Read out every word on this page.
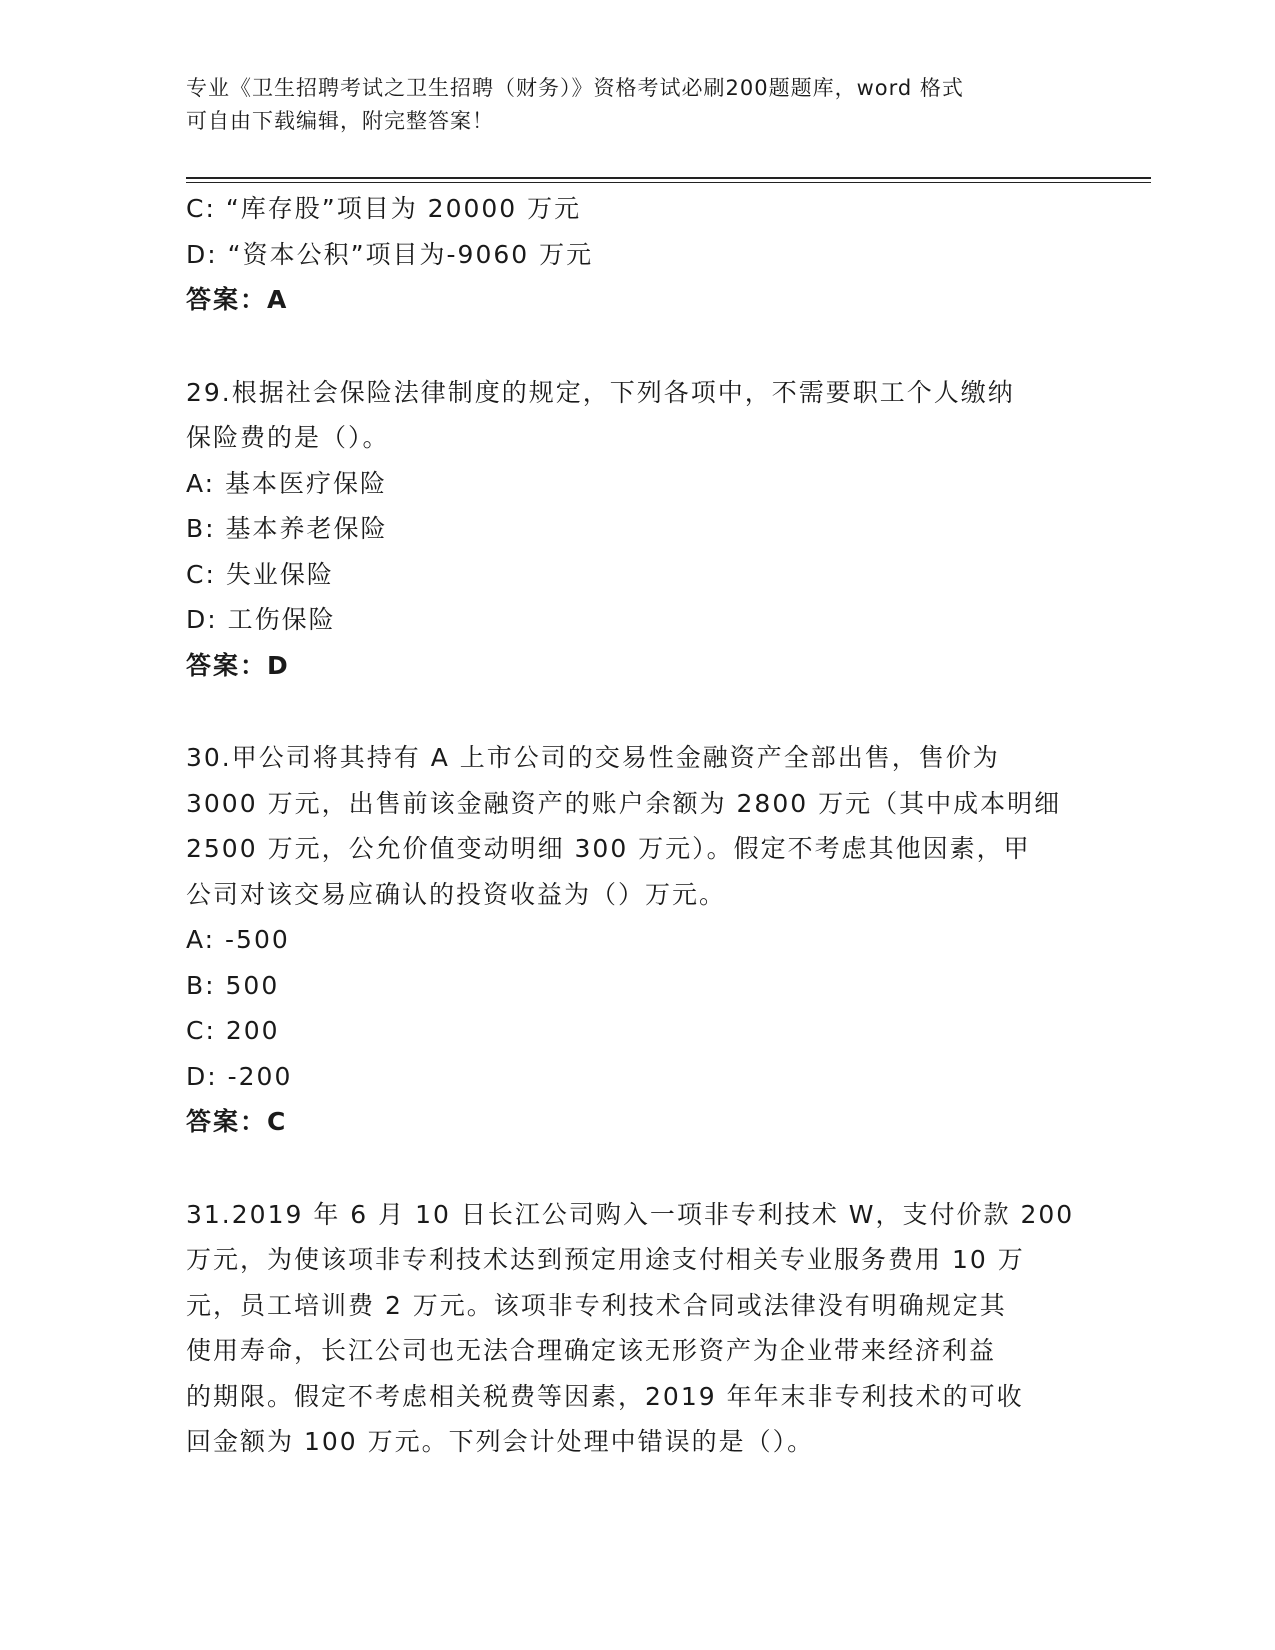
专业《卫生招聘考试之卫生招聘（财务）》资格考试必刷200题题库，word 格式
可自由下载编辑，附完整答案！
C: “库存股”项目为 20000 万元
D: “资本公积”项目为-9060 万元
答案：A
29.根据社会保险法律制度的规定，下列各项中，不需要职工个人缴纳
保险费的是（）。
A: 基本医疗保险
B: 基本养老保险
C: 失业保险
D: 工伤保险
答案：D
30.甲公司将其持有 A 上市公司的交易性金融资产全部出售，售价为
3000 万元，出售前该金融资产的账户余额为 2800 万元（其中成本明细
2500 万元，公允价值变动明细 300 万元）。假定不考虑其他因素，甲
公司对该交易应确认的投资收益为（）万元。
A: -500
B: 500
C: 200
D: -200
答案：C
31.2019 年 6 月 10 日长江公司购入一项非专利技术 W，支付价款 200
万元，为使该项非专利技术达到预定用途支付相关专业服务费用 10 万
元，员工培训费 2 万元。该项非专利技术合同或法律没有明确规定其
使用寿命，长江公司也无法合理确定该无形资产为企业带来经济利益
的期限。假定不考虑相关税费等因素，2019 年年末非专利技术的可收
回金额为 100 万元。下列会计处理中错误的是（）。
